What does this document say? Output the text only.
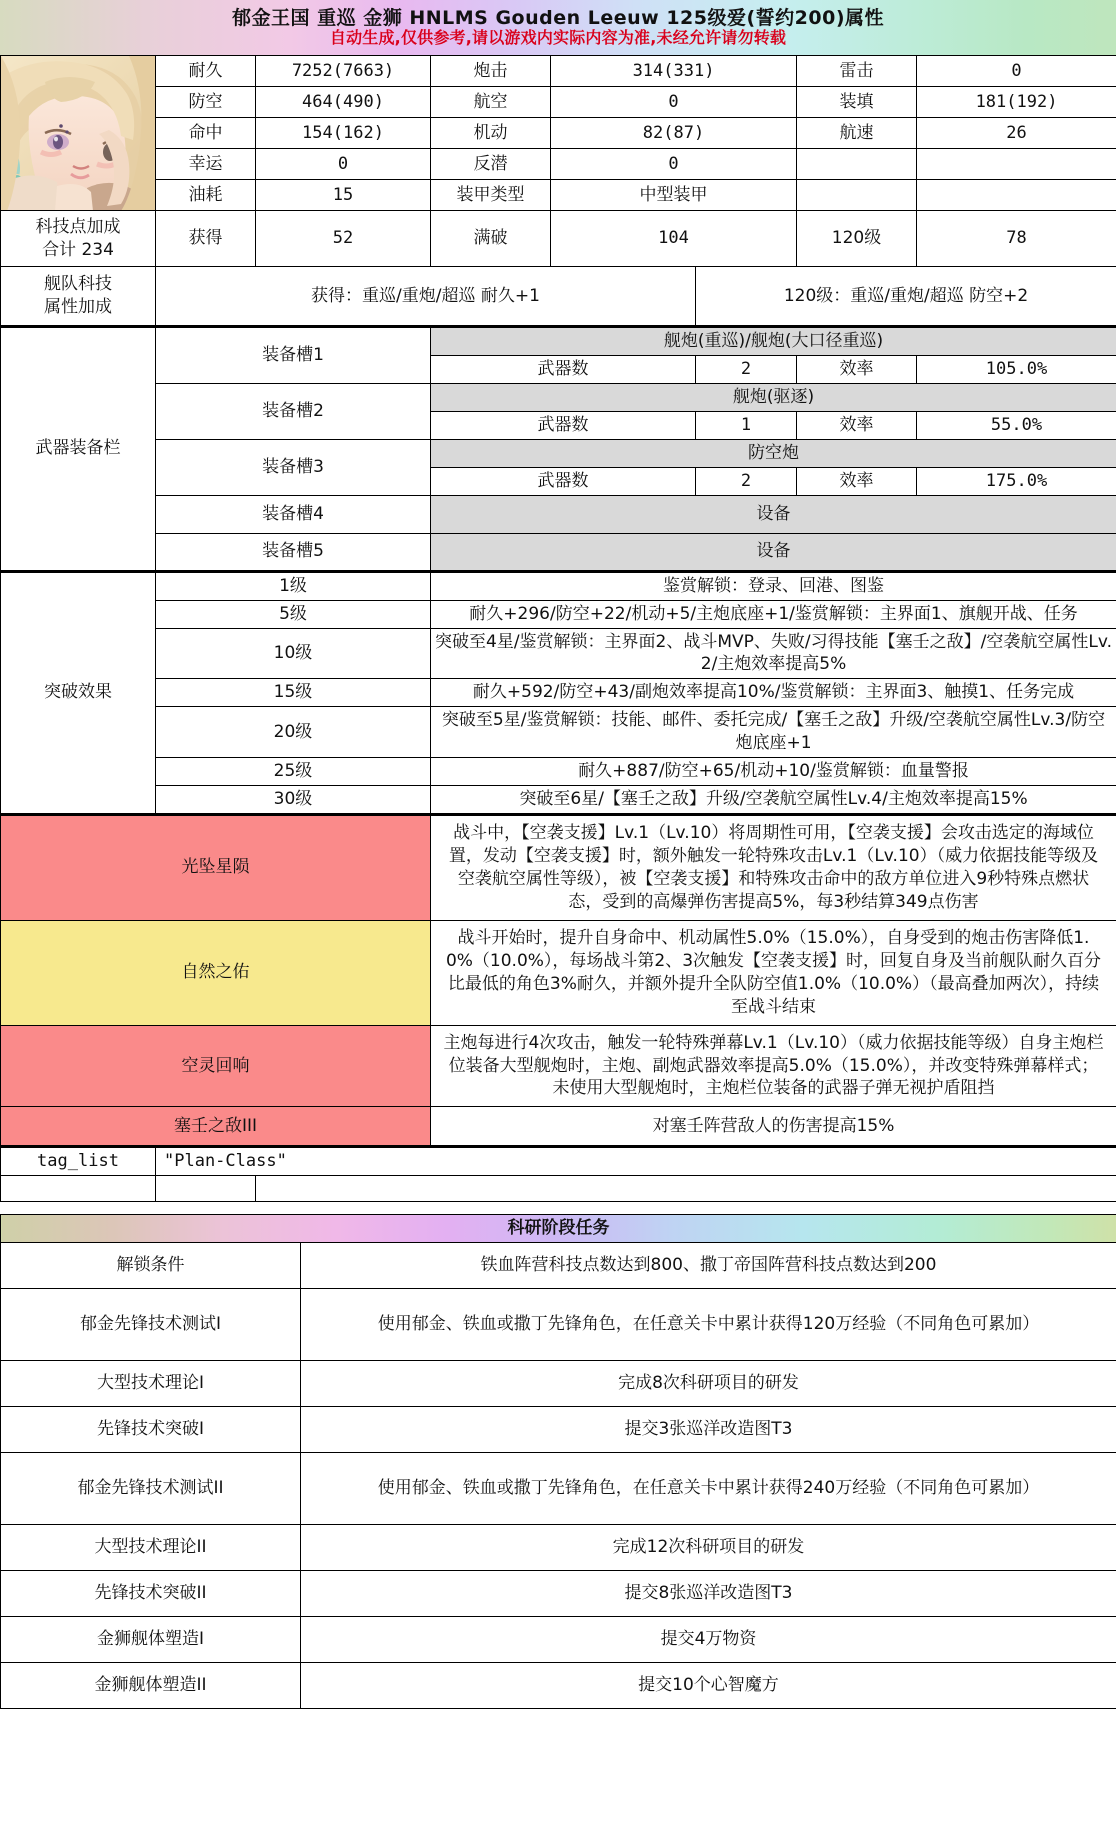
郁金王国 重巡 金狮 HNLMS Gouden Leeuw 125级爱(誓约200)属性
自动生成,仅供参考,请以游戏内实际内容为准,未经允许请勿转载
	耐久	7252(7663)	炮击	314(331)		雷击	0
	防空	464(490)	航空	0		装填	181(192)
	命中	154(162)	机动	82(87)		航速	26
	幸运	0	反潜	0			
	油耗	15	装甲类型	中型装甲			

科技点加成
合计 234	获得	52	满破	104		120级	78

舰队科技
属性加成	获得：重巡/重炮/超巡 耐久+1				120级：重巡/重炮/超巡 防空+2		
武器装备栏	装备槽1		舰炮(重巡)/舰炮(大口径重巡)				
			武器数		2	效率	105.0%
	装备槽2		舰炮(驱逐)				
			武器数		1	效率	55.0%
	装备槽3		防空炮				
			武器数		2	效率	175.0%
	装备槽4		设备				
	装备槽5		设备				
突破效果	1级		鉴赏解锁：登录、回港、图鉴				
	5级		耐久+296/防空+22/机动+5/主炮底座+1/鉴赏解锁：主界面1、旗舰开战、任务				
	10级		突破至4星/鉴赏解锁：主界面2、战斗MVP、失败/习得技能【塞壬之敌】/空袭航空属性Lv.2/主炮效率提高5%				
	15级		耐久+592/防空+43/副炮效率提高10%/鉴赏解锁：主界面3、触摸1、任务完成				
	20级		突破至5星/鉴赏解锁：技能、邮件、委托完成/【塞壬之敌】升级/空袭航空属性Lv.3/防空炮底座+1				
	25级		耐久+887/防空+65/机动+10/鉴赏解锁：血量警报				
	30级		突破至6星/【塞壬之敌】升级/空袭航空属性Lv.4/主炮效率提高15%				
光坠星陨			战斗中，【空袭支援】Lv.1（Lv.10）将周期性可用，【空袭支援】会攻击选定的海域位置，发动【空袭支援】时，额外触发一轮特殊攻击Lv.1（Lv.10）（威力依据技能等级及空袭航空属性等级），被【空袭支援】和特殊攻击命中的敌方单位进入9秒特殊点燃状态，受到的高爆弹伤害提高5%，每3秒结算349点伤害				
自然之佑			战斗开始时，提升自身命中、机动属性5.0%（15.0%），自身受到的炮击伤害降低1.0%（10.0%），每场战斗第2、3次触发【空袭支援】时，回复自身及当前舰队耐久百分比最低的角色3%耐久，并额外提升全队防空值1.0%（10.0%）（最高叠加两次），持续至战斗结束				
空灵回响			主炮每进行4次攻击，触发一轮特殊弹幕Lv.1（Lv.10）（威力依据技能等级）自身主炮栏位装备大型舰炮时，主炮、副炮武器效率提高5.0%（15.0%），并改变特殊弹幕样式；未使用大型舰炮时，主炮栏位装备的武器子弹无视护盾阻挡				
塞壬之敌III			对塞壬阵营敌人的伤害提高15%				
tag_list	"Plan-Class"						

科研阶段任务	
解锁条件	铁血阵营科技点数达到800、撒丁帝国阵营科技点数达到200
郁金先锋技术测试I	使用郁金、铁血或撒丁先锋角色，在任意关卡中累计获得120万经验（不同角色可累加）
大型技术理论I	完成8次科研项目的研发
先锋技术突破I	提交3张巡洋改造图T3
郁金先锋技术测试II	使用郁金、铁血或撒丁先锋角色，在任意关卡中累计获得240万经验（不同角色可累加）
大型技术理论II	完成12次科研项目的研发
先锋技术突破II	提交8张巡洋改造图T3
金狮舰体塑造I	提交4万物资
金狮舰体塑造II	提交10个心智魔方
